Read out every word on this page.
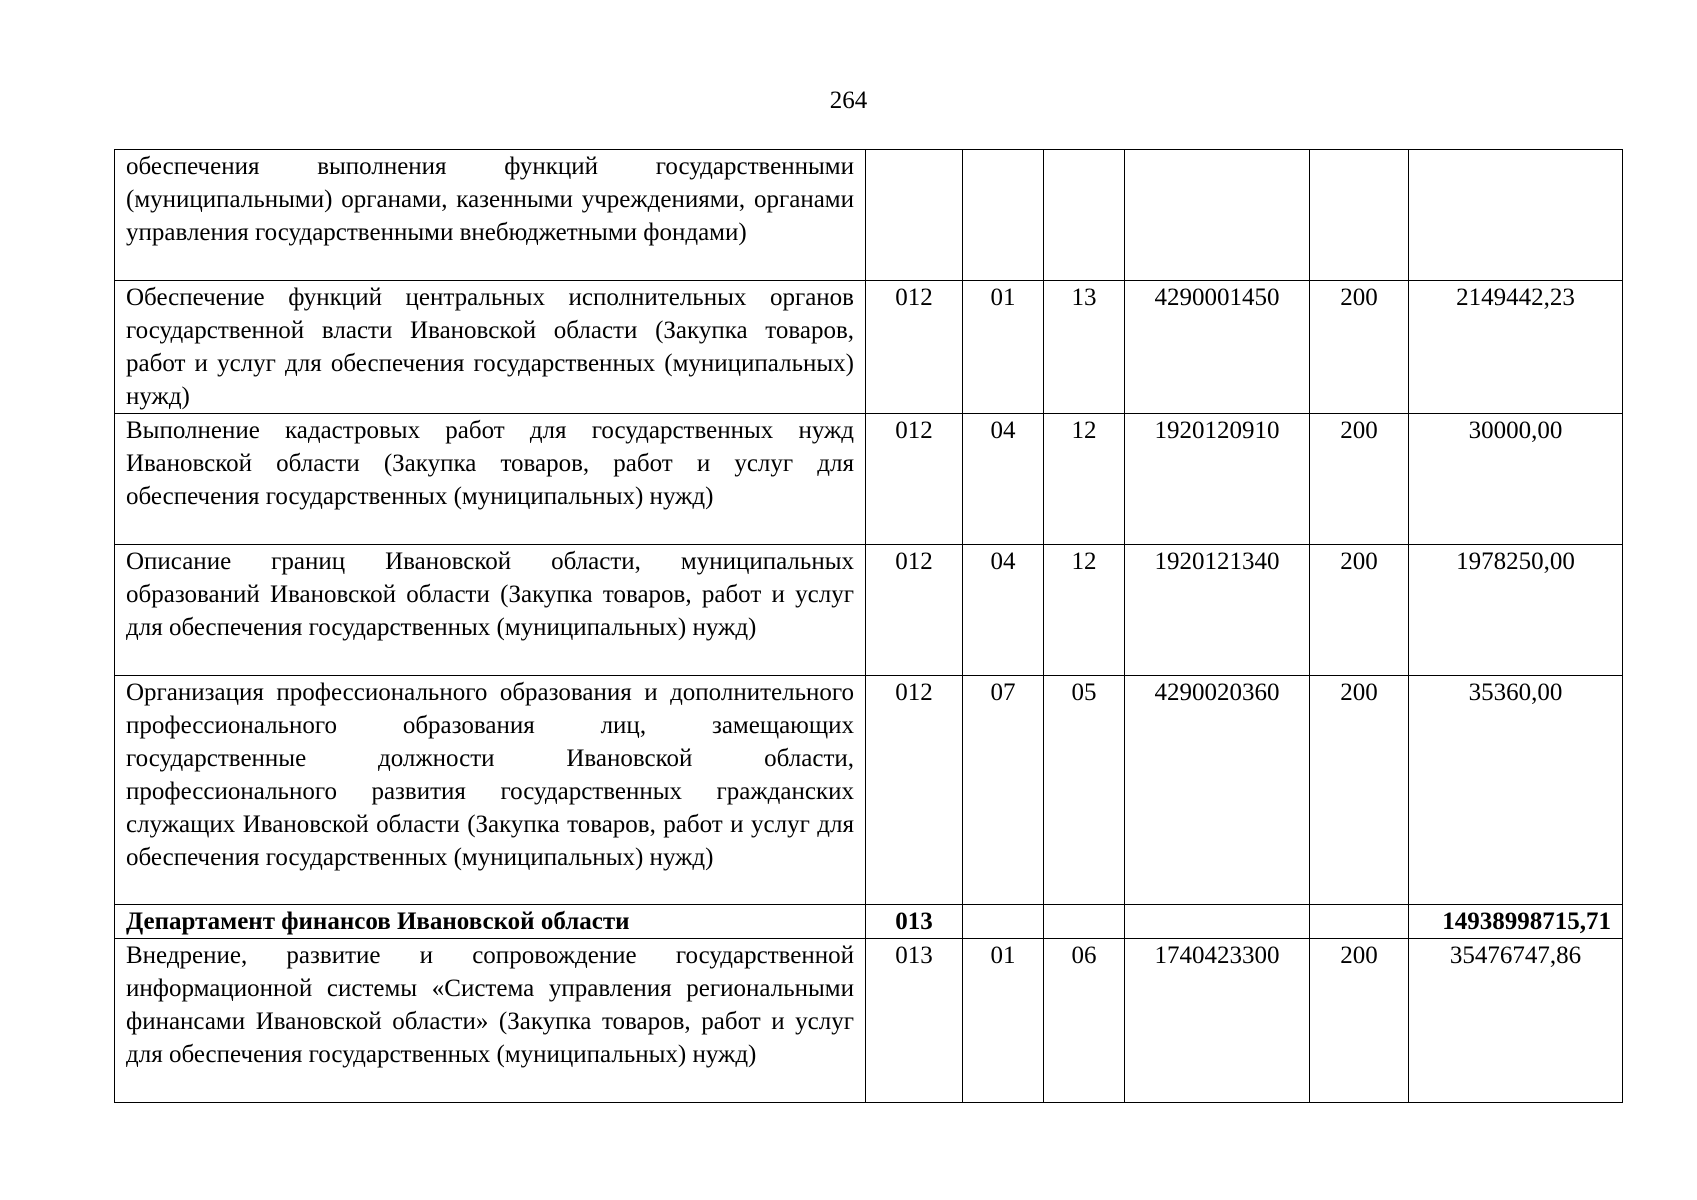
264
обеспечения выполнения функций государственными (муниципальными) органами, казенными учреждениями, органами управления государственными внебюджетными фондами)						
Обеспечение функций центральных исполнительных органов государственной власти Ивановской области (Закупка товаров, работ и услуг для обеспечения государственных (муниципальных) нужд)	012	01	13	4290001450	200	2149442,23
Выполнение кадастровых работ для государственных нужд Ивановской области (Закупка товаров, работ и услуг для обеспечения государственных (муниципальных) нужд)	012	04	12	1920120910	200	30000,00
Описание границ Ивановской области, муниципальных образований Ивановской области (Закупка товаров, работ и услуг для обеспечения государственных (муниципальных) нужд)	012	04	12	1920121340	200	1978250,00
Организация профессионального образования и дополнительного профессионального образования лиц, замещающих государственные должности Ивановской области, профессионального развития государственных гражданских служащих Ивановской области (Закупка товаров, работ и услуг для обеспечения государственных (муниципальных) нужд)	012	07	05	4290020360	200	35360,00
Департамент финансов Ивановской области	013					14938998715,71
Внедрение, развитие и сопровождение государственной информационной системы «Система управления региональными финансами Ивановской области» (Закупка товаров, работ и услуг для обеспечения государственных (муниципальных) нужд)	013	01	06	1740423300	200	35476747,86
